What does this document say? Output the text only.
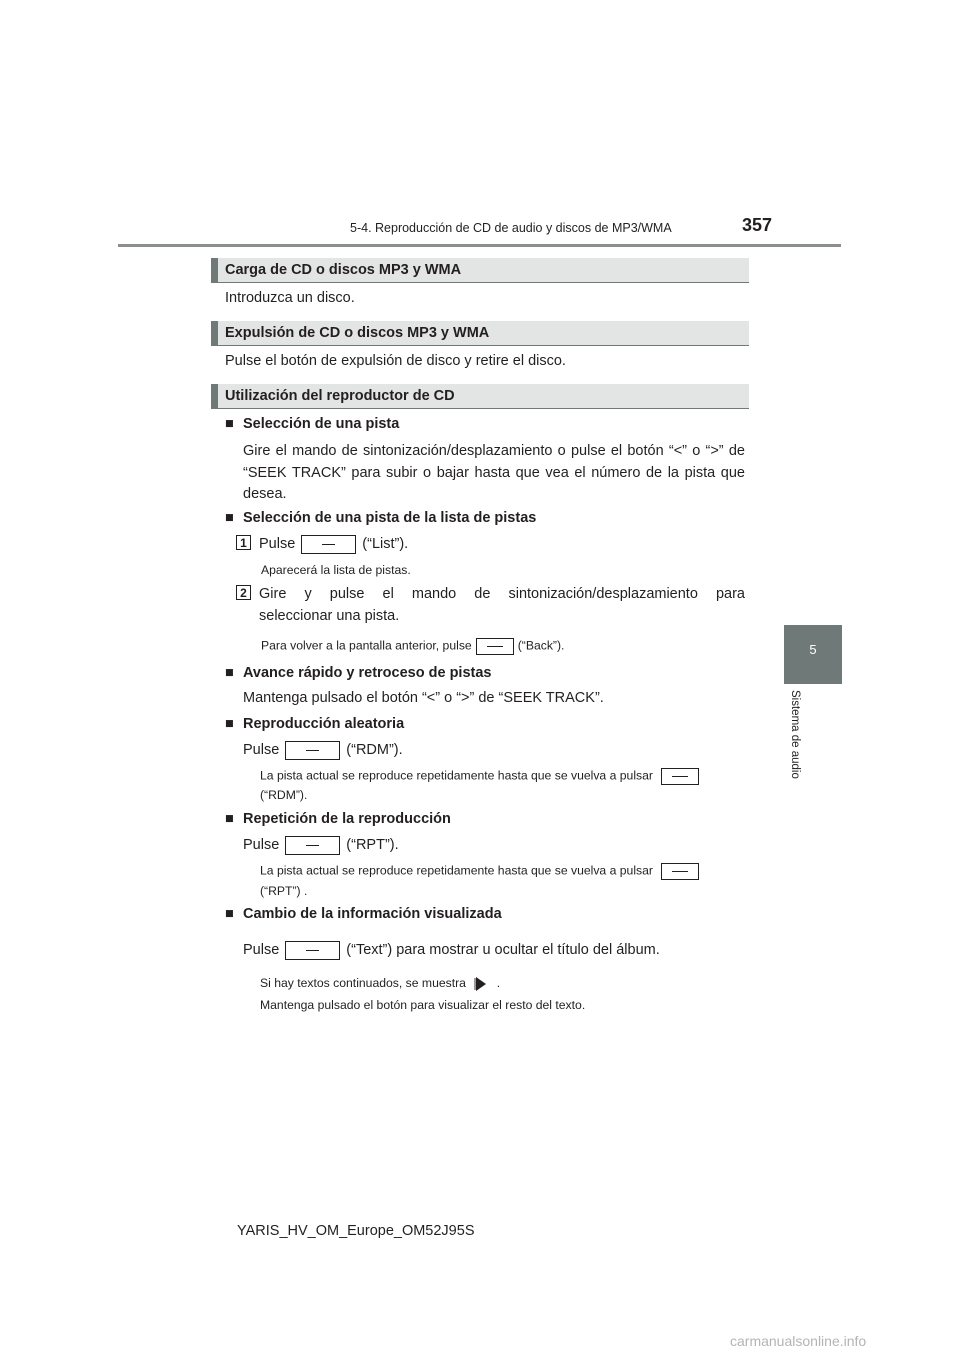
5-4. Reproducción de CD de audio y discos de MP3/WMA	357
5
Sistema de audio
Carga de CD o discos MP3 y WMA
Introduzca un disco.
Expulsión de CD o discos MP3 y WMA
Pulse el botón de expulsión de disco y retire el disco.
Utilización del reproductor de CD
■ Selección de una pista
Gire el mando de sintonización/desplazamiento o pulse el botón “<” o “>” de “SEEK TRACK” para subir o bajar hasta que vea el número de la pista que desea.
■ Selección de una pista de la lista de pistas
1 Pulse	(“List”).
Aparecerá la lista de pistas.
2 Gire y pulse el mando de sintonización/desplazamiento para
seleccionar una pista.
Para volver a la pantalla anterior, pulse	(“Back”).
■ Avance rápido y retroceso de pistas
Mantenga pulsado el botón “<” o “>” de “SEEK TRACK”.
■ Reproducción aleatoria
Pulse	(“RDM”).
La pista actual se reproduce repetidamente hasta que se vuelva a pulsar
(“RDM”).
■ Repetición de la reproducción
Pulse	(“RPT”).
La pista actual se reproduce repetidamente hasta que se vuelva a pulsar
(“RPT”) .
■ Cambio de la información visualizada
Pulse	(“Text”) para mostrar u ocultar el título del álbum.
Si hay textos continuados, se muestra	.
Mantenga pulsado el botón para visualizar el resto del texto.
YARIS_HV_OM_Europe_OM52J95S
carmanualsonline.info
